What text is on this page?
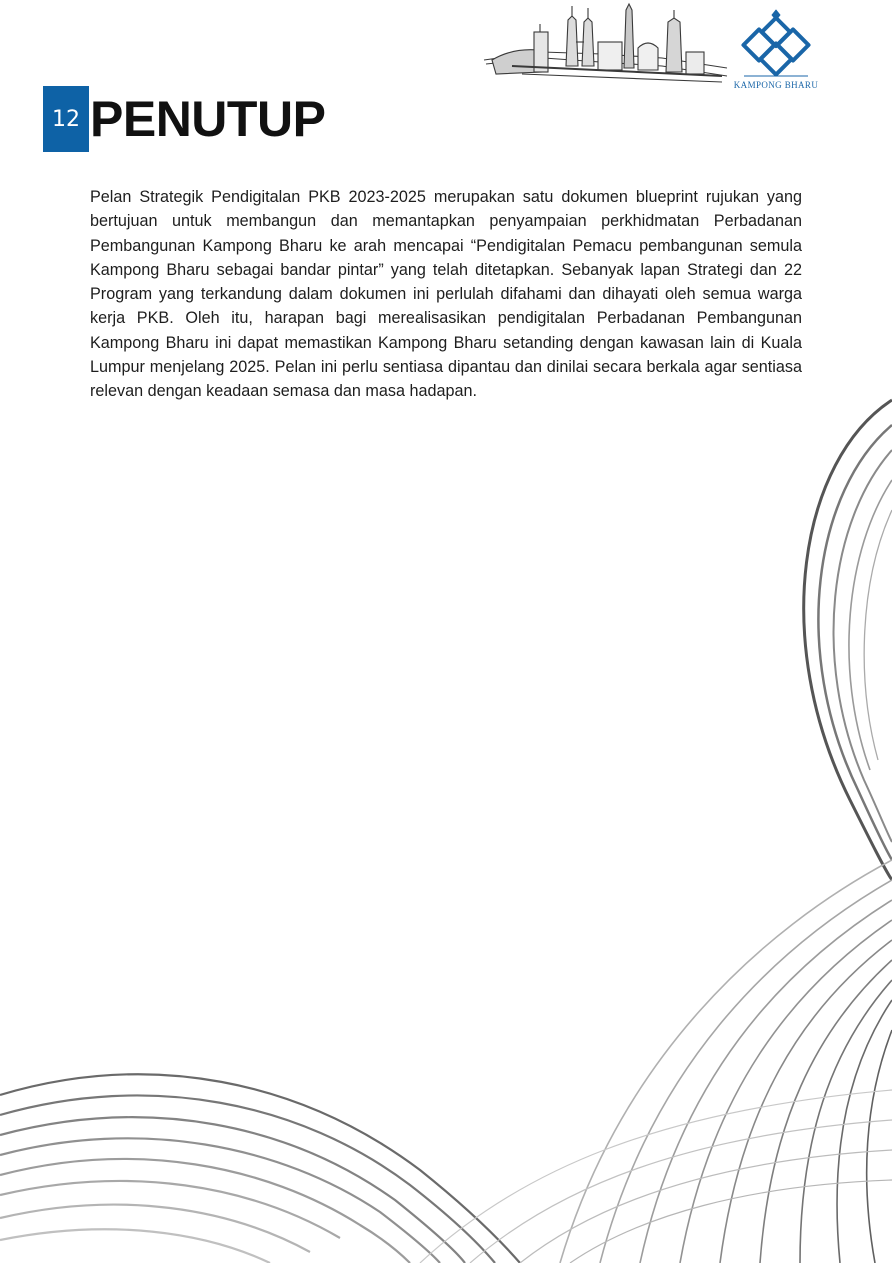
KAMPONG BHARU
12 PENUTUP

Pelan Strategik Pendigitalan PKB 2023-2025 merupakan satu dokumen blueprint rujukan yang bertujuan untuk membangun dan memantapkan penyampaian perkhidmatan Perbadanan Pembangunan Kampong Bharu ke arah mencapai “Pendigitalan Pemacu pembangunan semula Kampong Bharu sebagai bandar pintar” yang telah ditetapkan. Sebanyak lapan Strategi dan 22 Program yang terkandung dalam dokumen ini perlulah difahami dan dihayati oleh semua warga kerja PKB. Oleh itu, harapan bagi merealisasikan pendigitalan Perbadanan Pembangunan Kampong Bharu ini dapat memastikan Kampong Bharu setanding dengan kawasan lain di Kuala Lumpur menjelang 2025. Pelan ini perlu sentiasa dipantau dan dinilai secara berkala agar sentiasa relevan dengan keadaan semasa dan masa hadapan.
